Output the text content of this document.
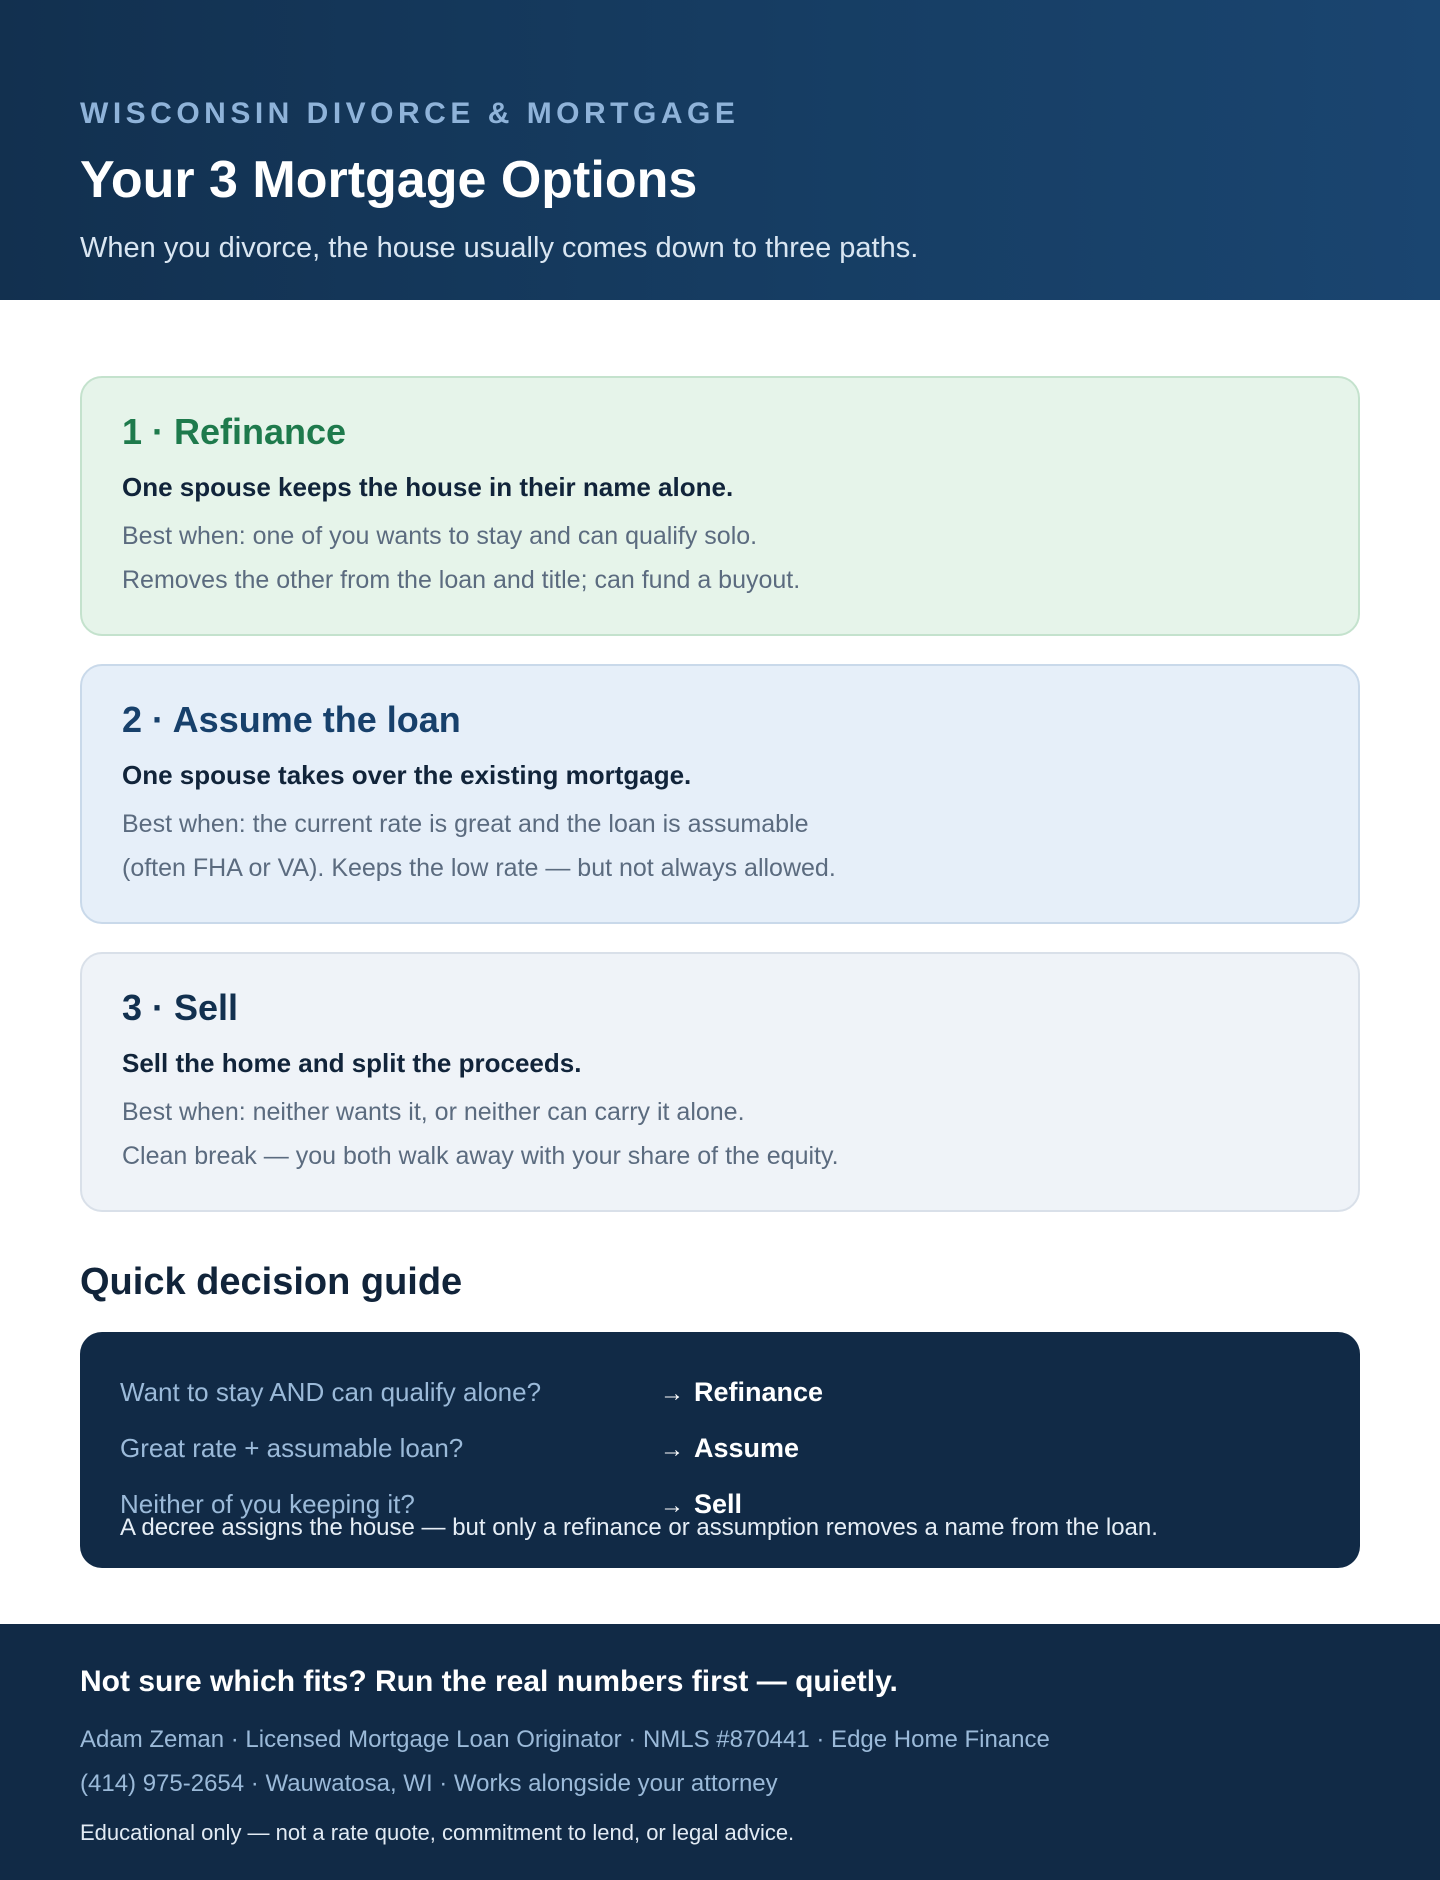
WISCONSIN DIVORCE & MORTGAGE
Your 3 Mortgage Options

When you divorce, the house usually comes down to three paths.

1 · Refinance
One spouse keeps the house in their name alone.
Best when: one of you wants to stay and can qualify solo.
Removes the other from the loan and title; can fund a buyout.
2 · Assume the loan
One spouse takes over the existing mortgage.
Best when: the current rate is great and the loan is assumable
(often FHA or VA). Keeps the low rate — but not always allowed.
3 · Sell
Sell the home and split the proceeds.
Best when: neither wants it, or neither can carry it alone.
Clean break — you both walk away with your share of the equity.
Quick decision guide
Want to stay AND can qualify alone?	→ Refinance
Great rate + assumable loan?	→ Assume
Neither of you keeping it?	→ Sell
A decree assigns the house — but only a refinance or assumption removes a name from the loan.
Not sure which fits? Run the real numbers first — quietly.
Adam Zeman · Licensed Mortgage Loan Originator · NMLS #870441 · Edge Home Finance
(414) 975-2654 · Wauwatosa, WI · Works alongside your attorney
Educational only — not a rate quote, commitment to lend, or legal advice.
